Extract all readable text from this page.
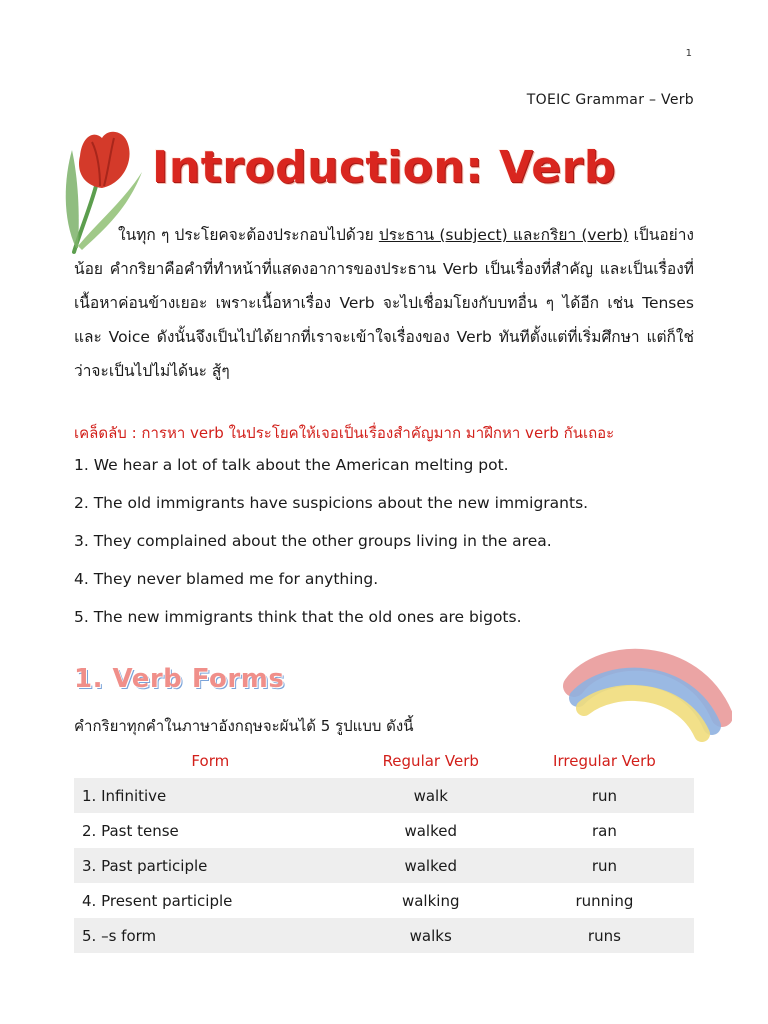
1
TOEIC Grammar – Verb
Introduction: Verb

ในทุก ๆ ประโยคจะต้องประกอบไปด้วย ประธาน (subject) และกริยา (verb) เป็นอย่างน้อย คำกริยาคือคำที่ทำหน้าที่แสดงอาการของประธาน Verb เป็นเรื่องที่สำคัญ และเป็นเรื่องที่เนื้อหาค่อนข้างเยอะ เพราะเนื้อหาเรื่อง Verb จะไปเชื่อมโยงกับบทอื่น ๆ ได้อีก เช่น Tenses และ Voice ดังนั้นจึงเป็นไปได้ยากที่เราจะเข้าใจเรื่องของ Verb ทันทีตั้งแต่ที่เริ่มศึกษา แต่ก็ใช่ว่าจะเป็นไปไม่ได้นะ สู้ๆ

เคล็ดลับ : การหา verb ในประโยคให้เจอเป็นเรื่องสำคัญมาก มาฝึกหา verb กันเถอะ

1. We hear a lot of talk about the American melting pot.
2. The old immigrants have suspicions about the new immigrants.
3. They complained about the other groups living in the area.
4. They never blamed me for anything.
5. The new immigrants think that the old ones are bigots.
1. Verb Forms

คำกริยาทุกคำในภาษาอังกฤษจะผันได้ 5 รูปแบบ ดังนี้

Form	Regular Verb	Irregular Verb
1. Infinitive	walk	run
2. Past tense	walked	ran
3. Past participle	walked	run
4. Present participle	walking	running
5. –s form	walks	runs
